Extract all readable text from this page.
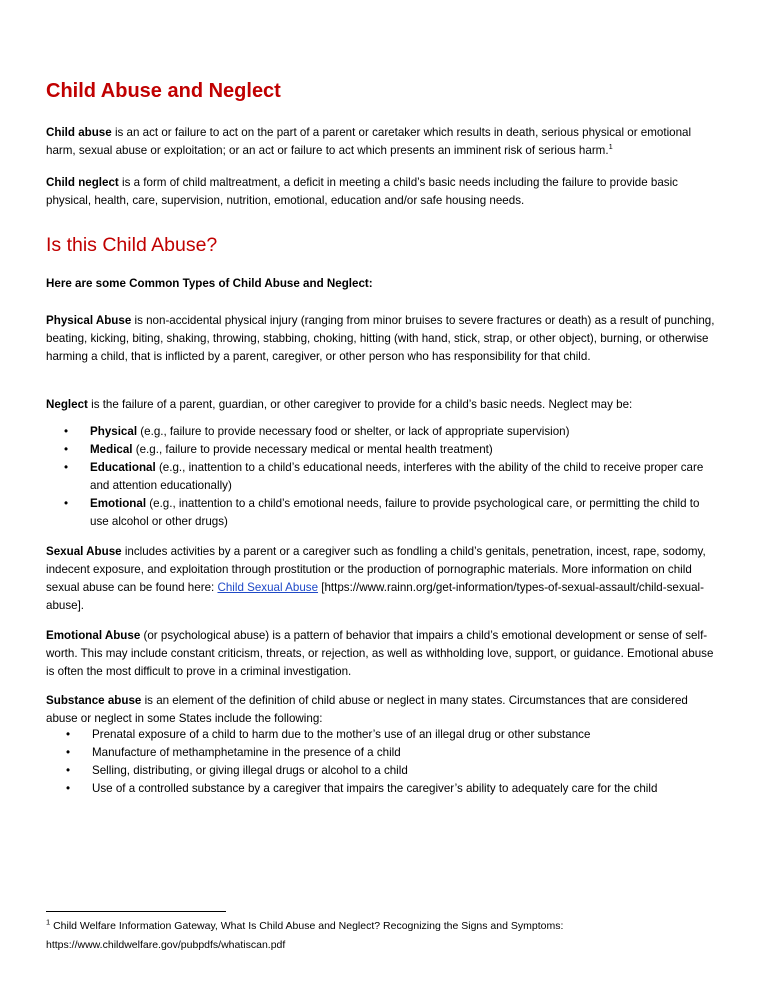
Child Abuse and Neglect

Child abuse is an act or failure to act on the part of a parent or caretaker which results in death, serious physical or emotional harm, sexual abuse or exploitation; or an act or failure to act which presents an imminent risk of serious harm.$^1$

Child neglect is a form of child maltreatment, a deficit in meeting a child’s basic needs including the failure to provide basic physical, health, care, supervision, nutrition, emotional, education and/or safe housing needs.

Is this Child Abuse?

Here are some Common Types of Child Abuse and Neglect:

Physical Abuse is non-accidental physical injury (ranging from minor bruises to severe fractures or death) as a result of punching, beating, kicking, biting, shaking, throwing, stabbing, choking, hitting (with hand, stick, strap, or other object), burning, or otherwise harming a child, that is inflicted by a parent, caregiver, or other person who has responsibility for that child.

Neglect is the failure of a parent, guardian, or other caregiver to provide for a child’s basic needs. Neglect may be:

• Physical (e.g., failure to provide necessary food or shelter, or lack of appropriate supervision)
• Medical (e.g., failure to provide necessary medical or mental health treatment)
• Educational (e.g., inattention to a child’s educational needs, interferes with the ability of the child to receive proper care and attention educationally)
• Emotional (e.g., inattention to a child’s emotional needs, failure to provide psychological care, or permitting the child to use alcohol or other drugs)

Sexual Abuse includes activities by a parent or a caregiver such as fondling a child’s genitals, penetration, incest, rape, sodomy, indecent exposure, and exploitation through prostitution or the production of pornographic materials. More information on child sexual abuse can be found here: Child Sexual Abuse [https://www.rainn.org/get-information/types-of-sexual-assault/child-sexual-abuse].

Emotional Abuse (or psychological abuse) is a pattern of behavior that impairs a child’s emotional development or sense of self-worth. This may include constant criticism, threats, or rejection, as well as withholding love, support, or guidance. Emotional abuse is often the most difficult to prove in a criminal investigation.

Substance abuse is an element of the definition of child abuse or neglect in many states. Circumstances that are considered abuse or neglect in some States include the following:

• Prenatal exposure of a child to harm due to the mother’s use of an illegal drug or other substance
• Manufacture of methamphetamine in the presence of a child
• Selling, distributing, or giving illegal drugs or alcohol to a child
• Use of a controlled substance by a caregiver that impairs the caregiver’s ability to adequately care for the child

$^1$ Child Welfare Information Gateway, What Is Child Abuse and Neglect? Recognizing the Signs and Symptoms:
https://www.childwelfare.gov/pubpdfs/whatiscan.pdf
